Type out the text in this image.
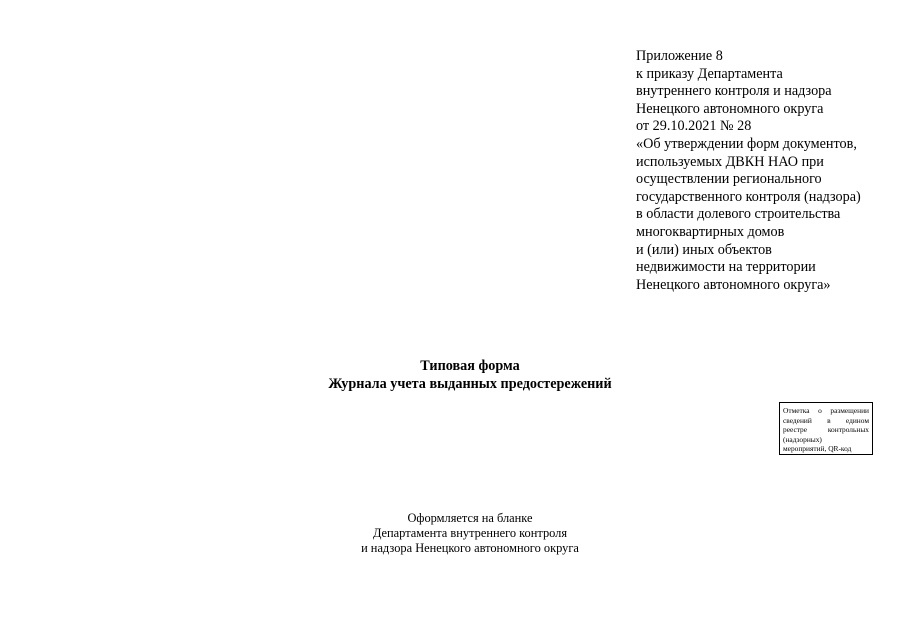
Приложение 8
к приказу Департамента
внутреннего контроля и надзора
Ненецкого автономного округа
от 29.10.2021 № 28
«Об утверждении форм документов,
используемых ДВКН НАО при
осуществлении регионального
государственного контроля (надзора)
в области долевого строительства
многоквартирных домов
и (или) иных объектов
недвижимости на территории
Ненецкого автономного округа»
Типовая форма
Журнала учета выданных предостережений
Отметка о размещении
сведений в едином
реестре контрольных
(надзорных)
мероприятий, QR-код
Оформляется на бланке
Департамента внутреннего контроля
и надзора Ненецкого автономного округа
